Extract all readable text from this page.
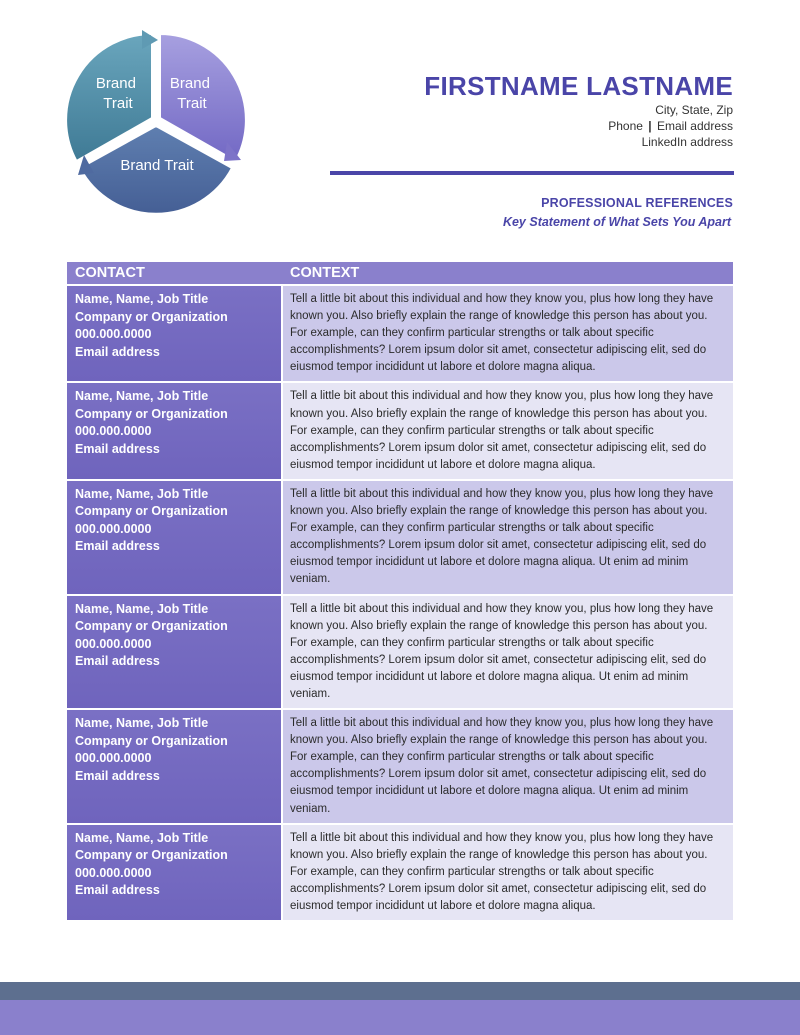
Brand Trait
Brand Trait
Brand Trait
FIRSTNAME LASTNAME
City, State, Zip
Phone | Email address
LinkedIn address
PROFESSIONAL REFERENCES
Key Statement of What Sets You Apart
CONTACT	CONTEXT
Name, Name, Job Title
Company or Organization
000.000.0000
Email address
Tell a little bit about this individual and how they know you, plus how long they have known you. Also briefly explain the range of knowledge this person has about you. For example, can they confirm particular strengths or talk about specific accomplishments? Lorem ipsum dolor sit amet, consectetur adipiscing elit, sed do eiusmod tempor incididunt ut labore et dolore magna aliqua.
Name, Name, Job Title
Company or Organization
000.000.0000
Email address
Tell a little bit about this individual and how they know you, plus how long they have known you. Also briefly explain the range of knowledge this person has about you. For example, can they confirm particular strengths or talk about specific accomplishments? Lorem ipsum dolor sit amet, consectetur adipiscing elit, sed do eiusmod tempor incididunt ut labore et dolore magna aliqua.
Name, Name, Job Title
Company or Organization
000.000.0000
Email address
Tell a little bit about this individual and how they know you, plus how long they have known you. Also briefly explain the range of knowledge this person has about you. For example, can they confirm particular strengths or talk about specific accomplishments? Lorem ipsum dolor sit amet, consectetur adipiscing elit, sed do eiusmod tempor incididunt ut labore et dolore magna aliqua. Ut enim ad minim veniam.
Name, Name, Job Title
Company or Organization
000.000.0000
Email address
Tell a little bit about this individual and how they know you, plus how long they have known you. Also briefly explain the range of knowledge this person has about you. For example, can they confirm particular strengths or talk about specific accomplishments? Lorem ipsum dolor sit amet, consectetur adipiscing elit, sed do eiusmod tempor incididunt ut labore et dolore magna aliqua. Ut enim ad minim veniam.
Name, Name, Job Title
Company or Organization
000.000.0000
Email address
Tell a little bit about this individual and how they know you, plus how long they have known you. Also briefly explain the range of knowledge this person has about you. For example, can they confirm particular strengths or talk about specific accomplishments? Lorem ipsum dolor sit amet, consectetur adipiscing elit, sed do eiusmod tempor incididunt ut labore et dolore magna aliqua. Ut enim ad minim veniam.
Name, Name, Job Title
Company or Organization
000.000.0000
Email address
Tell a little bit about this individual and how they know you, plus how long they have known you. Also briefly explain the range of knowledge this person has about you. For example, can they confirm particular strengths or talk about specific accomplishments? Lorem ipsum dolor sit amet, consectetur adipiscing elit, sed do eiusmod tempor incididunt ut labore et dolore magna aliqua.
